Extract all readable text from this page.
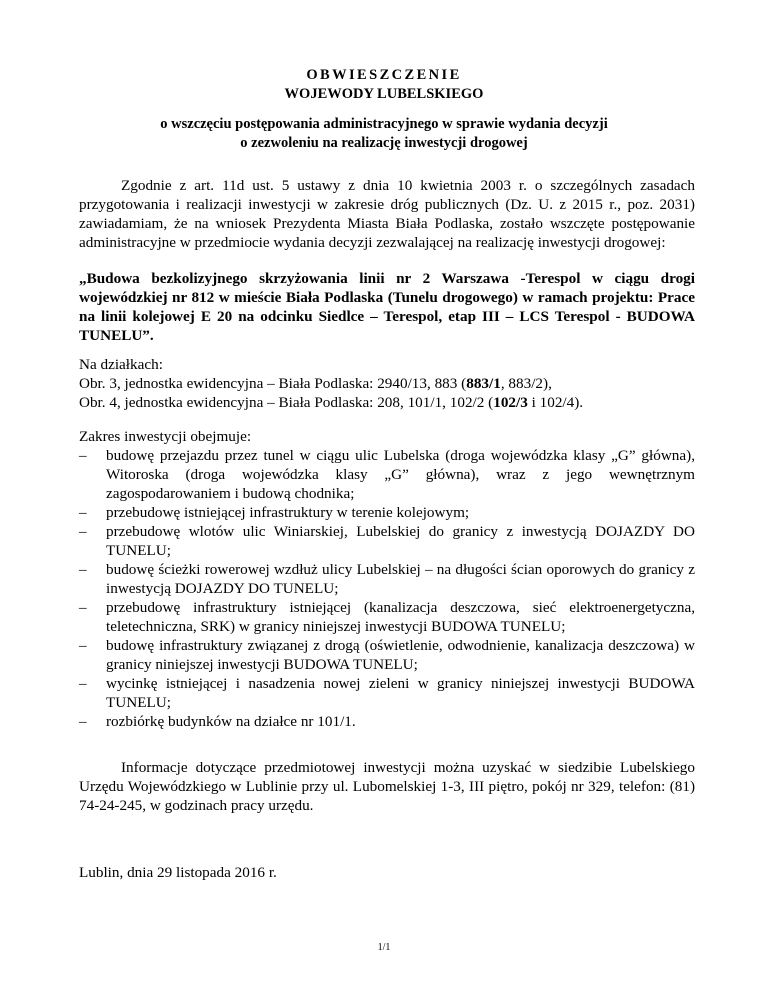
OBWIESZCZENIE
WOJEWODY LUBELSKIEGO
o wszczęciu postępowania administracyjnego w sprawie wydania decyzji
o zezwoleniu na realizację inwestycji drogowej
Zgodnie z art. 11d ust. 5 ustawy z dnia 10 kwietnia 2003 r. o szczególnych zasadach przygotowania i realizacji inwestycji w zakresie dróg publicznych (Dz. U. z 2015 r., poz. 2031) zawiadamiam, że na wniosek Prezydenta Miasta Biała Podlaska, zostało wszczęte postępowanie administracyjne w przedmiocie wydania decyzji zezwalającej na realizację inwestycji drogowej:
„Budowa bezkolizyjnego skrzyżowania linii nr 2 Warszawa -Terespol w ciągu drogi wojewódzkiej nr 812 w mieście Biała Podlaska (Tunelu drogowego) w ramach projektu: Prace na linii kolejowej E 20 na odcinku Siedlce – Terespol, etap III – LCS Terespol - BUDOWA TUNELU”.
Na działkach:
Obr. 3, jednostka ewidencyjna – Biała Podlaska: 2940/13, 883 (883/1, 883/2),
Obr. 4, jednostka ewidencyjna – Biała Podlaska: 208, 101/1, 102/2 (102/3 i 102/4).
Zakres inwestycji obejmuje:
– budowę przejazdu przez tunel w ciągu ulic Lubelska (droga wojewódzka klasy „G” główna), Witoroska (droga wojewódzka klasy „G” główna), wraz z jego wewnętrznym zagospodarowaniem i budową chodnika;
– przebudowę istniejącej infrastruktury w terenie kolejowym;
– przebudowę wlotów ulic Winiarskiej, Lubelskiej do granicy z inwestycją DOJAZDY DO TUNELU;
– budowę ścieżki rowerowej wzdłuż ulicy Lubelskiej – na długości ścian oporowych do granicy z inwestycją DOJAZDY DO TUNELU;
– przebudowę infrastruktury istniejącej (kanalizacja deszczowa, sieć elektroenergetyczna, teletechniczna, SRK) w granicy niniejszej inwestycji BUDOWA TUNELU;
– budowę infrastruktury związanej z drogą (oświetlenie, odwodnienie, kanalizacja deszczowa) w granicy niniejszej inwestycji BUDOWA TUNELU;
– wycinkę istniejącej i nasadzenia nowej zieleni w granicy niniejszej inwestycji BUDOWA TUNELU;
– rozbiórkę budynków na działce nr 101/1.
Informacje dotyczące przedmiotowej inwestycji można uzyskać w siedzibie Lubelskiego Urzędu Wojewódzkiego w Lublinie przy ul. Lubomelskiej 1-3, III piętro, pokój nr 329, telefon: (81) 74-24-245, w godzinach pracy urzędu.
Lublin, dnia 29 listopada 2016 r.
1/1
